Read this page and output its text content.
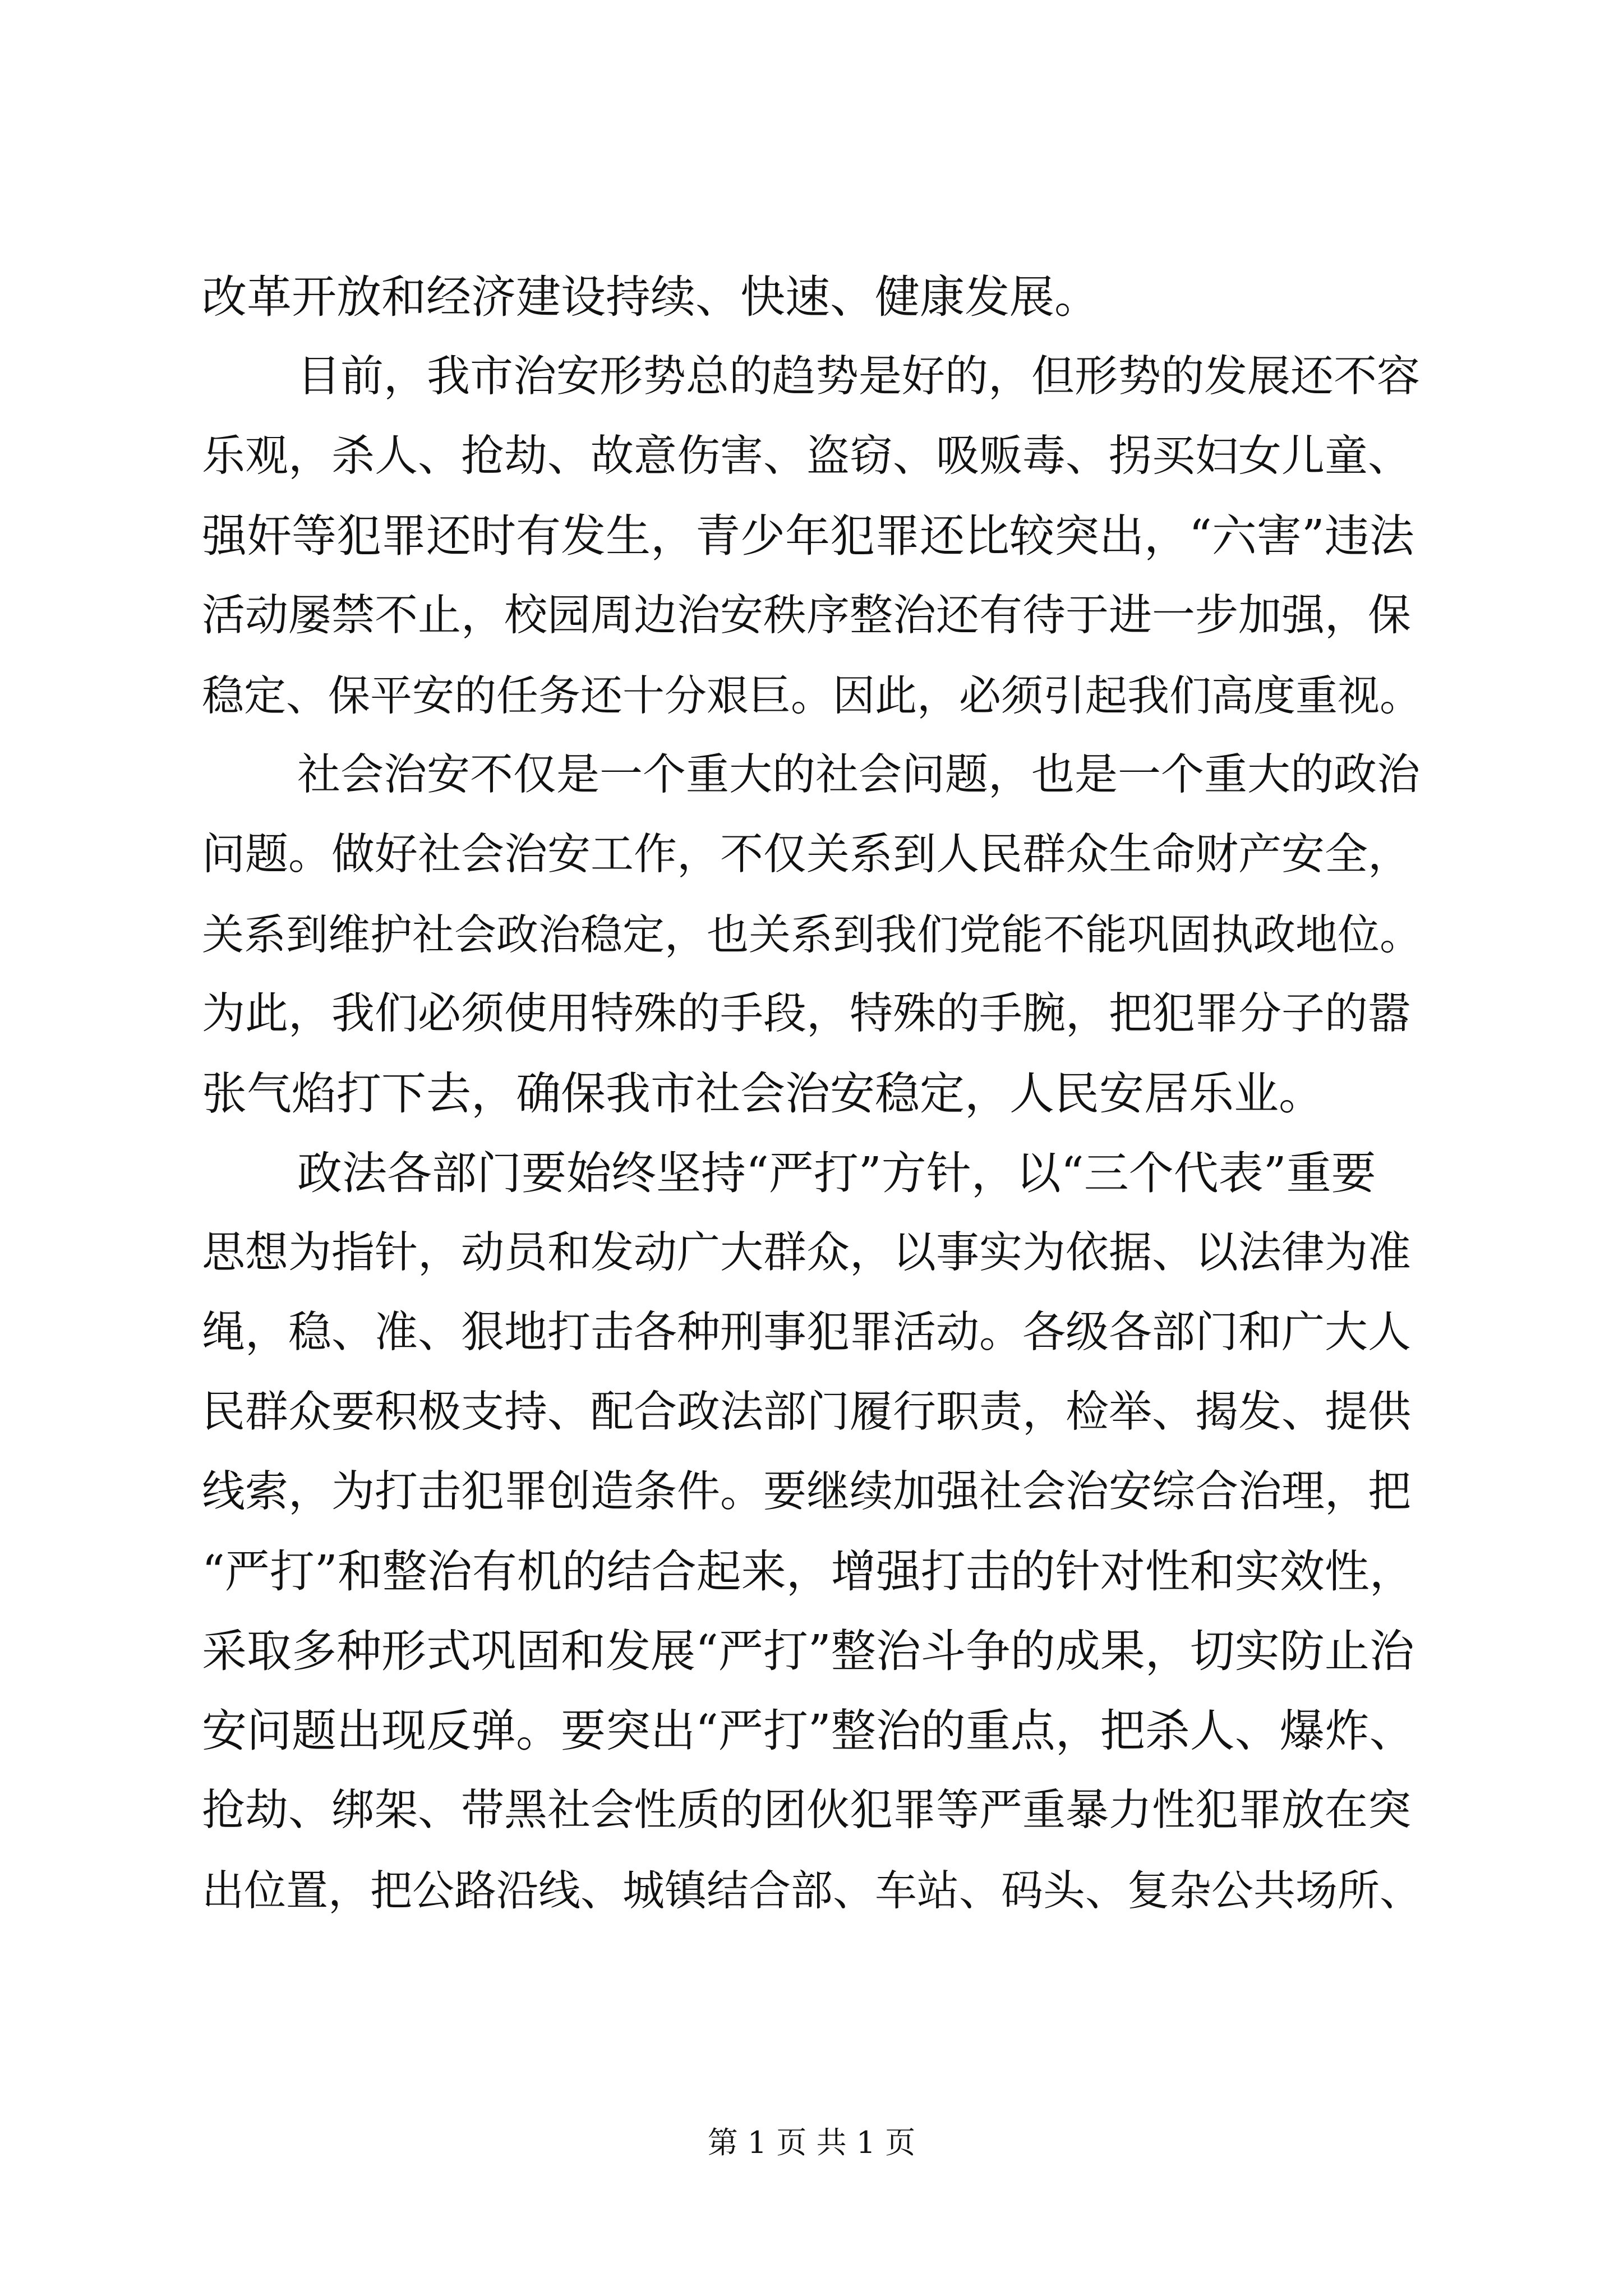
改革开放和经济建设持续、快速、健康发展。
目前，我市治安形势总的趋势是好的，但形势的发展还不容
乐观，杀人、抢劫、故意伤害、盗窃、吸贩毒、拐买妇女儿童、
强奸等犯罪还时有发生，青少年犯罪还比较突出，“六害”违法
活动屡禁不止，校园周边治安秩序整治还有待于进一步加强，保
稳定、保平安的任务还十分艰巨。因此，必须引起我们高度重视。
社会治安不仅是一个重大的社会问题，也是一个重大的政治
问题。做好社会治安工作，不仅关系到人民群众生命财产安全，
关系到维护社会政治稳定，也关系到我们党能不能巩固执政地位。
为此，我们必须使用特殊的手段，特殊的手腕，把犯罪分子的嚣
张气焰打下去，确保我市社会治安稳定，人民安居乐业。
政法各部门要始终坚持“严打”方针，以“三个代表”重要
思想为指针，动员和发动广大群众，以事实为依据、以法律为准
绳，稳、准、狠地打击各种刑事犯罪活动。各级各部门和广大人
民群众要积极支持、配合政法部门履行职责，检举、揭发、提供
线索，为打击犯罪创造条件。要继续加强社会治安综合治理，把
“严打”和整治有机的结合起来，增强打击的针对性和实效性，
采取多种形式巩固和发展“严打”整治斗争的成果，切实防止治
安问题出现反弹。要突出“严打”整治的重点，把杀人、爆炸、
抢劫、绑架、带黑社会性质的团伙犯罪等严重暴力性犯罪放在突
出位置，把公路沿线、城镇结合部、车站、码头、复杂公共场所、
第 1 页 共 1 页
